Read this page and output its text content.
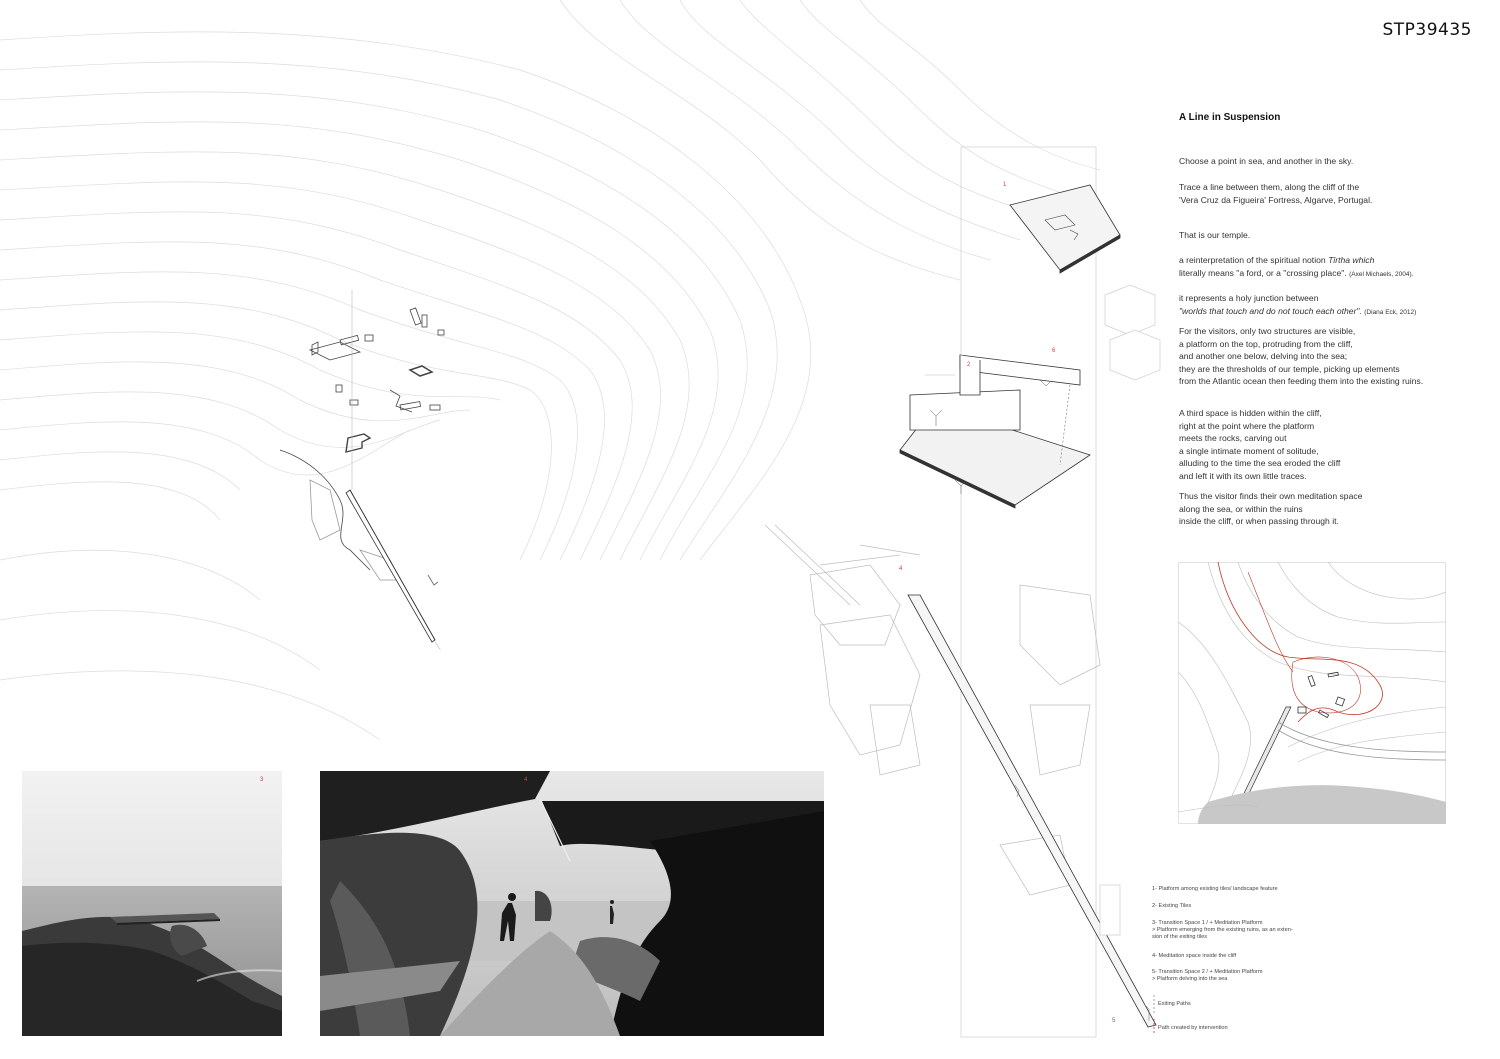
STP39435
1
2
6
4
5
3	4
A Line in Suspension
Choose a point in sea, and another in the sky.
Trace a line between them, along the cliff of the
'Vera Cruz da Figueira' Fortress, Algarve, Portugal.
That is our temple.
a reinterpretation of the spiritual notion Tīrtha which
literally means "a ford, or a "crossing place". (Axel Michaels, 2004).
it represents a holy junction between
"worlds that touch and do not touch each other". (Diana Eck, 2012)
For the visitors, only two structures are visible,
a platform on the top, protruding from the cliff,
and another one below, delving into the sea;
they are the thresholds of our temple, picking up elements
from the Atlantic ocean then feeding them into the existing ruins.
A third space is hidden within the cliff,
right at the point where the platform
meets the rocks, carving out
a single intimate moment of solitude,
alluding to the time the sea eroded the cliff
and left it with its own little traces.
Thus the visitor finds their own meditation space
along the sea, or within the ruins
inside the cliff, or when passing through it.
1- Platform among existing tiles/ landscape feature
2- Existing Tiles
3- Transition Space 1 / + Meditation Platform
> Platform emerging from the existing ruins, as an exten-
sion of the exiting tiles
4- Meditation space inside the cliff
5- Transition Space 2 / + Meditation Platform
> Platform delving into the sea
Exiting Paths
Path created by intervention
